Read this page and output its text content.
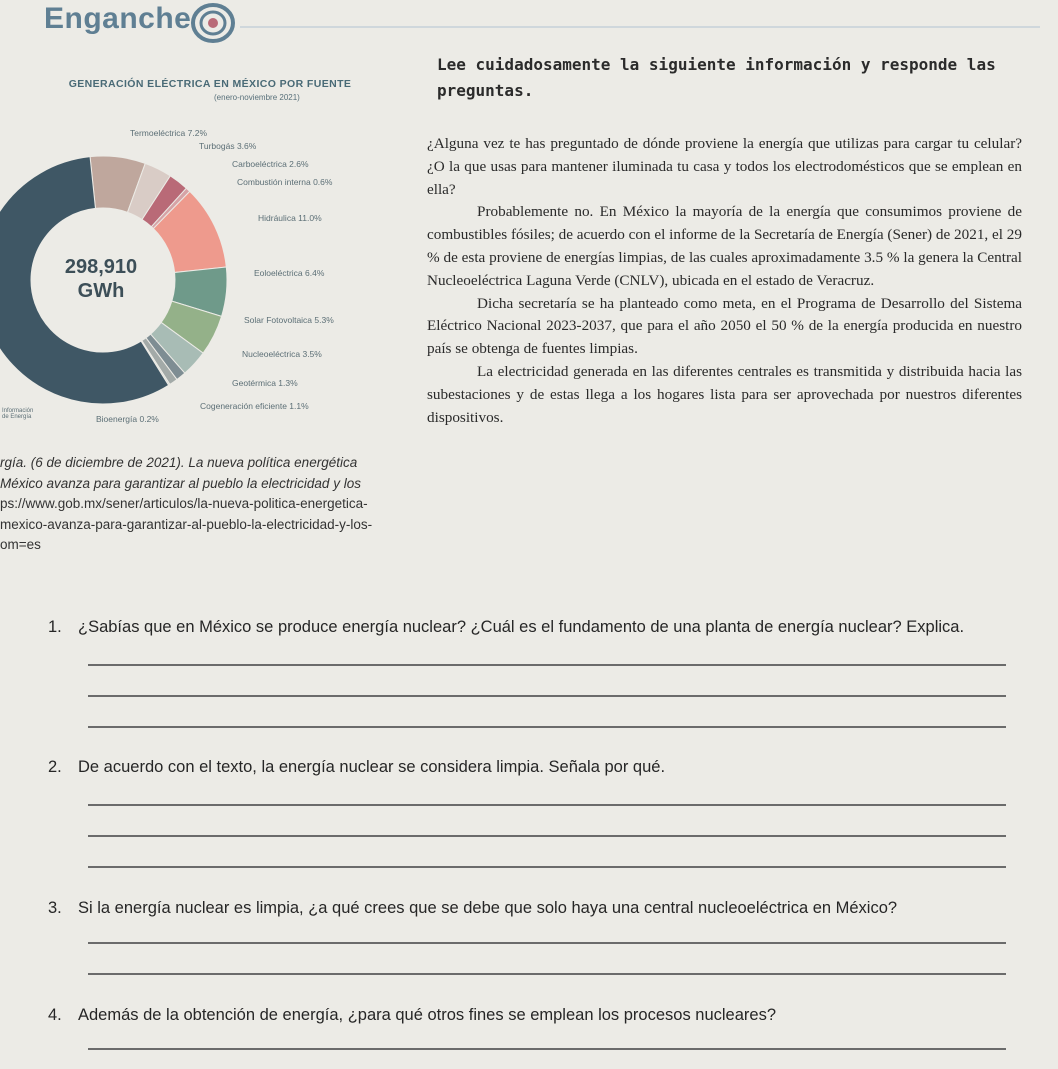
Enganche
GENERACIÓN ELÉCTRICA EN MÉXICO POR FUENTE
(enero-noviembre 2021)
298,910
GWh
Termoeléctrica 7.2%
Turbogás 3.6%
Carboeléctrica 2.6%
Combustión interna 0.6%
Hidráulica 11.0%
Eoloeléctrica 6.4%
Solar Fotovoltaica 5.3%
Nucleoeléctrica 3.5%
Geotérmica 1.3%
Cogeneración eficiente 1.1%
Bioenergía 0.2%
Información
de Energía

rgía. (6 de diciembre de 2021). La nueva política energética

México avanza para garantizar al pueblo la electricidad y los

ps://www.gob.mx/sener/articulos/la-nueva-politica-energetica-

mexico-avanza-para-garantizar-al-pueblo-la-electricidad-y-los-

om=es

Lee cuidadosamente la siguiente información y responde las preguntas.

¿Alguna vez te has preguntado de dónde proviene la energía que utilizas para cargar tu celular? ¿O la que usas para mantener iluminada tu casa y todos los electrodomésticos que se emplean en ella?

Probablemente no. En México la mayoría de la energía que consumimos proviene de combustibles fósiles; de acuerdo con el informe de la Secretaría de Energía (Sener) de 2021, el 29 % de esta proviene de energías limpias, de las cuales aproximadamente 3.5 % la genera la Central Nucleoeléctrica Laguna Verde (CNLV), ubicada en el estado de Veracruz.

Dicha secretaría se ha planteado como meta, en el Programa de Desarrollo del Sistema Eléctrico Nacional 2023-2037, que para el año 2050 el 50 % de la energía producida en nuestro país se obtenga de fuentes limpias.

La electricidad generada en las diferentes centrales es transmitida y distribuida hacia las subestaciones y de estas llega a los hogares lista para ser aprovechada por nuestros diferentes dispositivos.

1. ¿Sabías que en México se produce energía nuclear? ¿Cuál es el fundamento de una planta de energía nuclear? Explica.
2. De acuerdo con el texto, la energía nuclear se considera limpia. Señala por qué.
3. Si la energía nuclear es limpia, ¿a qué crees que se debe que solo haya una central nucleoeléctrica en México?
4. Además de la obtención de energía, ¿para qué otros fines se emplean los procesos nucleares?
